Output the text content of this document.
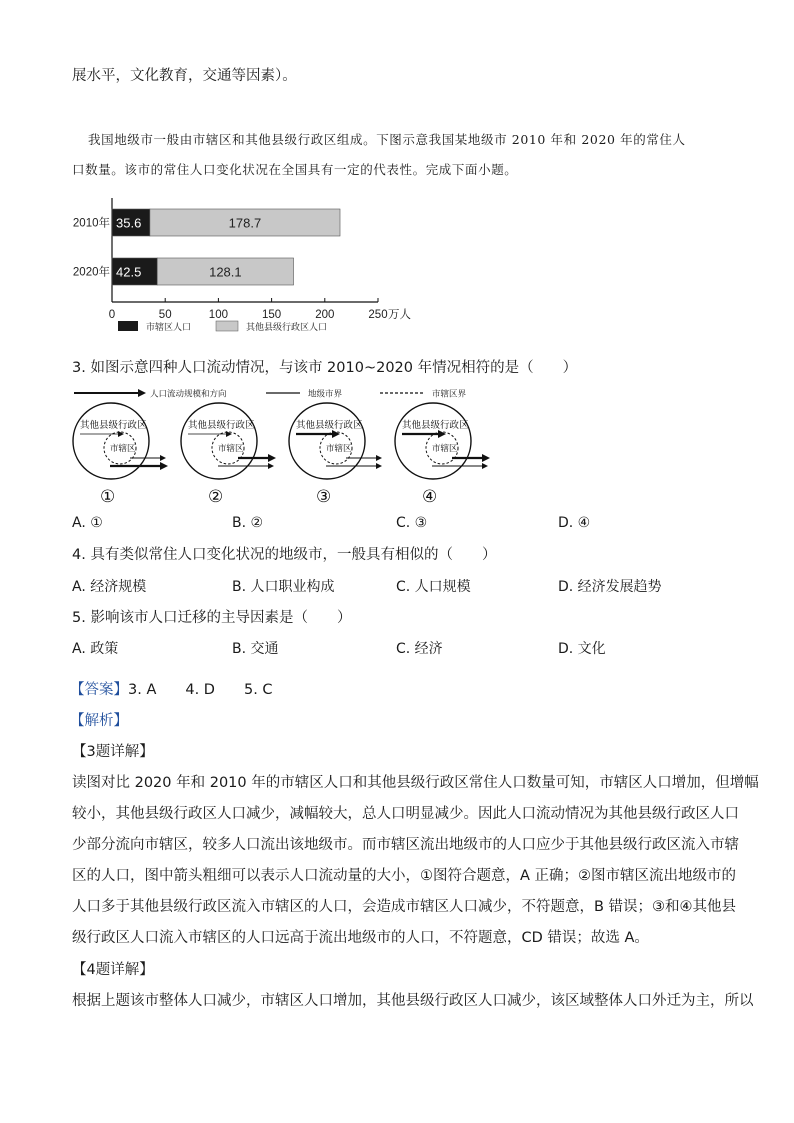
展水平，文化教育，交通等因素）。
我国地级市一般由市辖区和其他县级行政区组成。下图示意我国某地级市 2010 年和 2020 年的常住人
口数量。该市的常住人口变化状况在全国具有一定的代表性。完成下面小题。
0	50	100	150	200	250 万人
2010年 35.6	178.7
2020年 42.5	128.1
市辖区人口	其他县级行政区人口
3. 如图示意四种人口流动情况，与该市 2010~2020 年情况相符的是（　　）
人口流动规模和方向	地级市界	市辖区界
其他县级行政区
市辖区
①
其他县级行政区
市辖区
②
其他县级行政区
市辖区
③
其他县级行政区
市辖区
④
A. ①	B. ②	C. ③	D. ④
4. 具有类似常住人口变化状况的地级市，一般具有相似的（　　）
A. 经济规模	B. 人口职业构成	C. 人口规模	D. 经济发展趋势
5. 影响该市人口迁移的主导因素是（　　）
A. 政策	B. 交通	C. 经济	D. 文化
【答案】3. A　　4. D　　5. C
【解析】
【3题详解】
读图对比 2020 年和 2010 年的市辖区人口和其他县级行政区常住人口数量可知，市辖区人口增加，但增幅
较小，其他县级行政区人口减少，减幅较大，总人口明显减少。因此人口流动情况为其他县级行政区人口
少部分流向市辖区，较多人口流出该地级市。而市辖区流出地级市的人口应少于其他县级行政区流入市辖
区的人口，图中箭头粗细可以表示人口流动量的大小，①图符合题意，A 正确；②图市辖区流出地级市的
人口多于其他县级行政区流入市辖区的人口，会造成市辖区人口减少，不符题意，B 错误；③和④其他县
级行政区人口流入市辖区的人口远高于流出地级市的人口，不符题意，CD 错误；故选 A。
【4题详解】
根据上题该市整体人口减少，市辖区人口增加，其他县级行政区人口减少，该区域整体人口外迁为主，所以
